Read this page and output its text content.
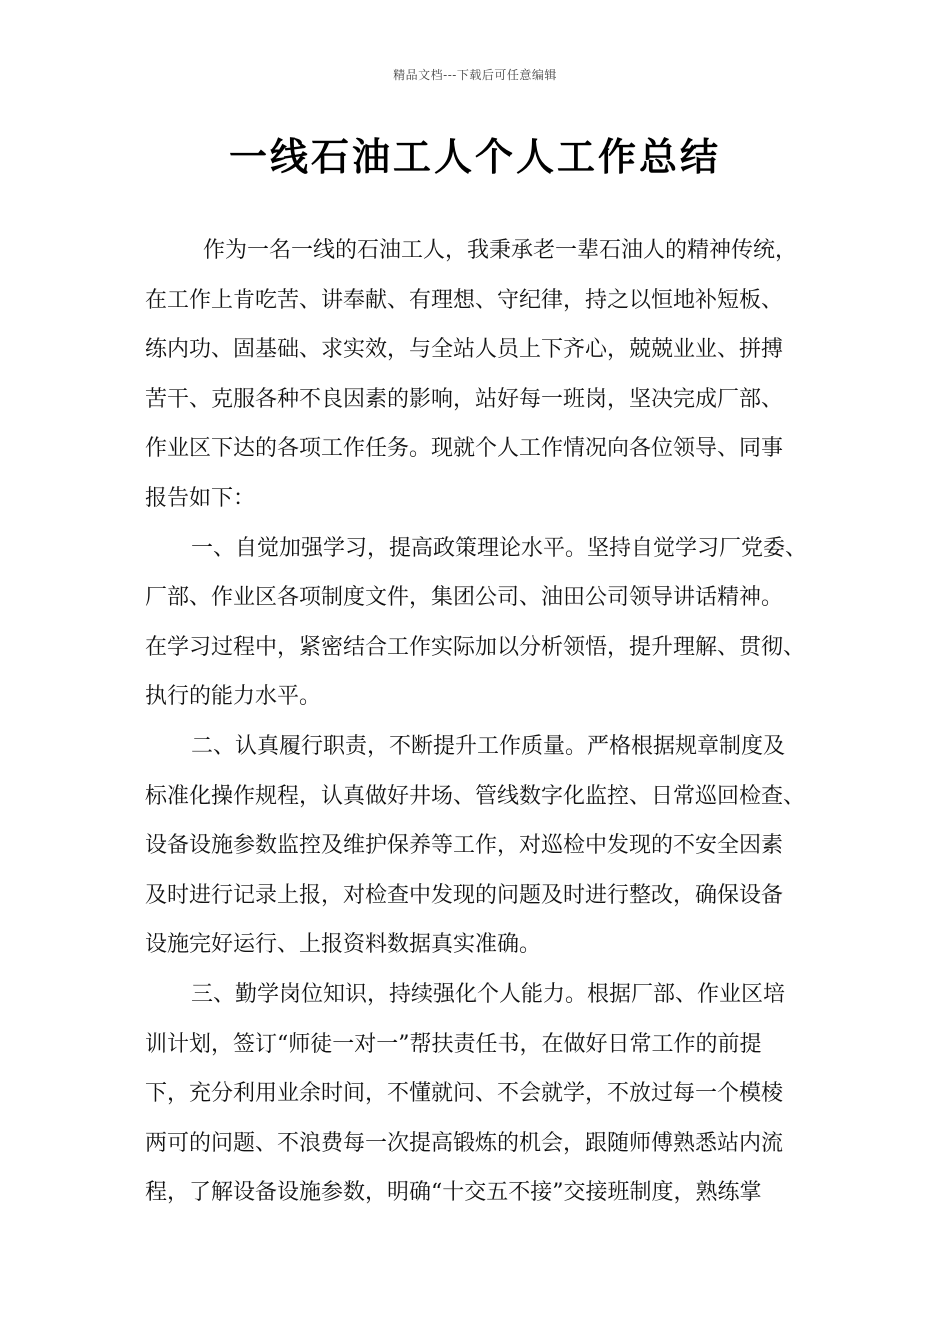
精品文档---下载后可任意编辑
一线石油工人个人工作总结
作为一名一线的石油工人，我秉承老一辈石油人的精神传统，
在工作上肯吃苦、讲奉献、有理想、守纪律，持之以恒地补短板、
练内功、固基础、求实效，与全站人员上下齐心，兢兢业业、拼搏
苦干、克服各种不良因素的影响，站好每一班岗，坚决完成厂部、
作业区下达的各项工作任务。现就个人工作情况向各位领导、同事
报告如下：
一、自觉加强学习，提高政策理论水平。坚持自觉学习厂党委、
厂部、作业区各项制度文件，集团公司、油田公司领导讲话精神。
在学习过程中，紧密结合工作实际加以分析领悟，提升理解、贯彻、
执行的能力水平。
二、认真履行职责，不断提升工作质量。严格根据规章制度及
标准化操作规程，认真做好井场、管线数字化监控、日常巡回检查、
设备设施参数监控及维护保养等工作，对巡检中发现的不安全因素
及时进行记录上报，对检查中发现的问题及时进行整改，确保设备
设施完好运行、上报资料数据真实准确。
三、勤学岗位知识，持续强化个人能力。根据厂部、作业区培
训计划，签订“师徒一对一”帮扶责任书，在做好日常工作的前提
下，充分利用业余时间，不懂就问、不会就学，不放过每一个模棱
两可的问题、不浪费每一次提高锻炼的机会，跟随师傅熟悉站内流
程，了解设备设施参数，明确“十交五不接”交接班制度，熟练掌
